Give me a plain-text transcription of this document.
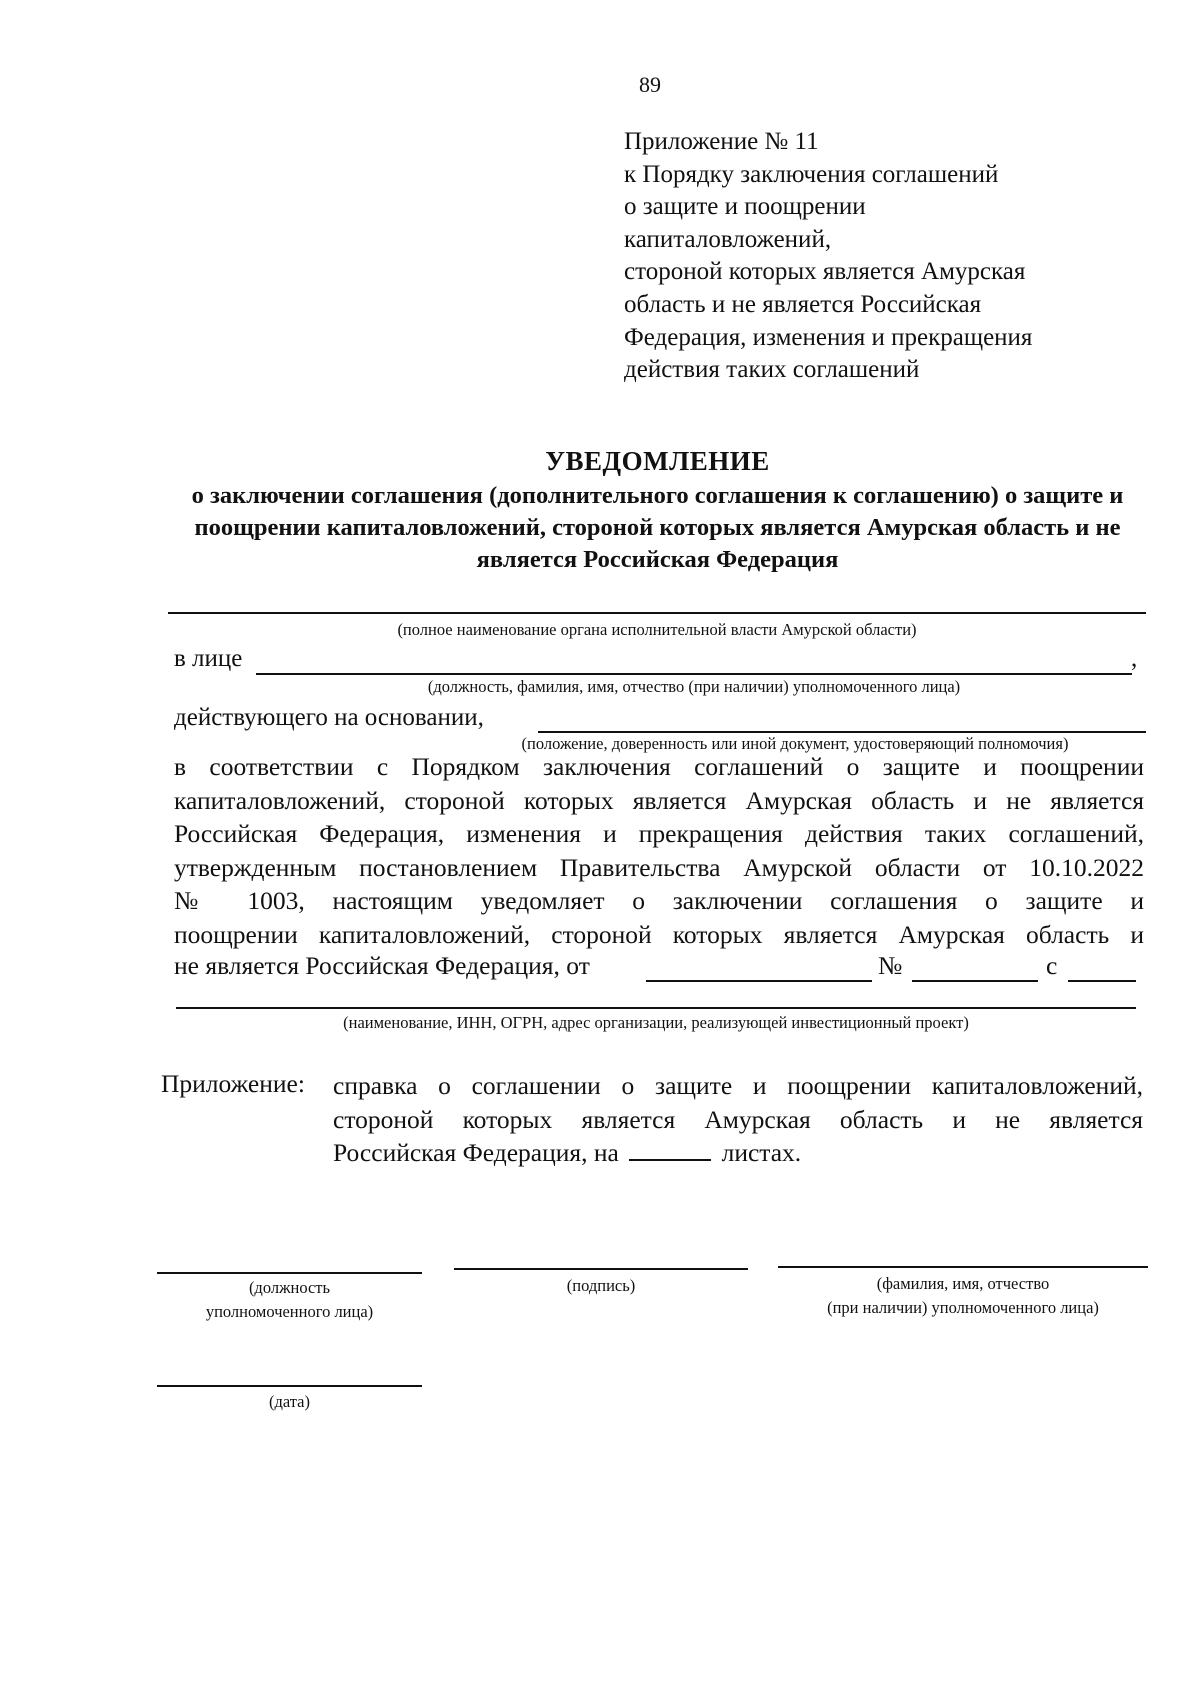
89
Приложение № 11
к Порядку заключения соглашений
о защите и поощрении
капиталовложений,
стороной которых является Амурская
область и не является Российская
Федерация, изменения и прекращения
действия таких соглашений
УВЕДОМЛЕНИЕ
о заключении соглашения (дополнительного соглашения к соглашению) о защите и поощрении капиталовложений, стороной которых является Амурская область и не является Российская Федерация
(полное наименование органа исполнительной власти Амурской области)
в лице	,
(должность, фамилия, имя, отчество (при наличии) уполномоченного лица)
действующего на основании,
(положение, доверенность или иной документ, удостоверяющий полномочия)
в соответствии с Порядком заключения соглашений о защите и поощрении
капиталовложений, стороной которых является Амурская область и не является
Российская Федерация, изменения и прекращения действия таких соглашений,
утвержденным постановлением Правительства Амурской области от 10.10.2022
№ 1003, настоящим уведомляет о заключении соглашения о защите и
поощрении капиталовложений, стороной которых является Амурская область и
не является Российская Федерация, от	№	с
(наименование, ИНН, ОГРН, адрес организации, реализующей инвестиционный проект)
Приложение: справка о соглашении о защите и поощрении капиталовложений,
стороной которых является Амурская область и не является
Российская Федерация, на	листах.
(должность
уполномоченного лица)
(подпись)	(фамилия, имя, отчество
(при наличии) уполномоченного лица)
(дата)
